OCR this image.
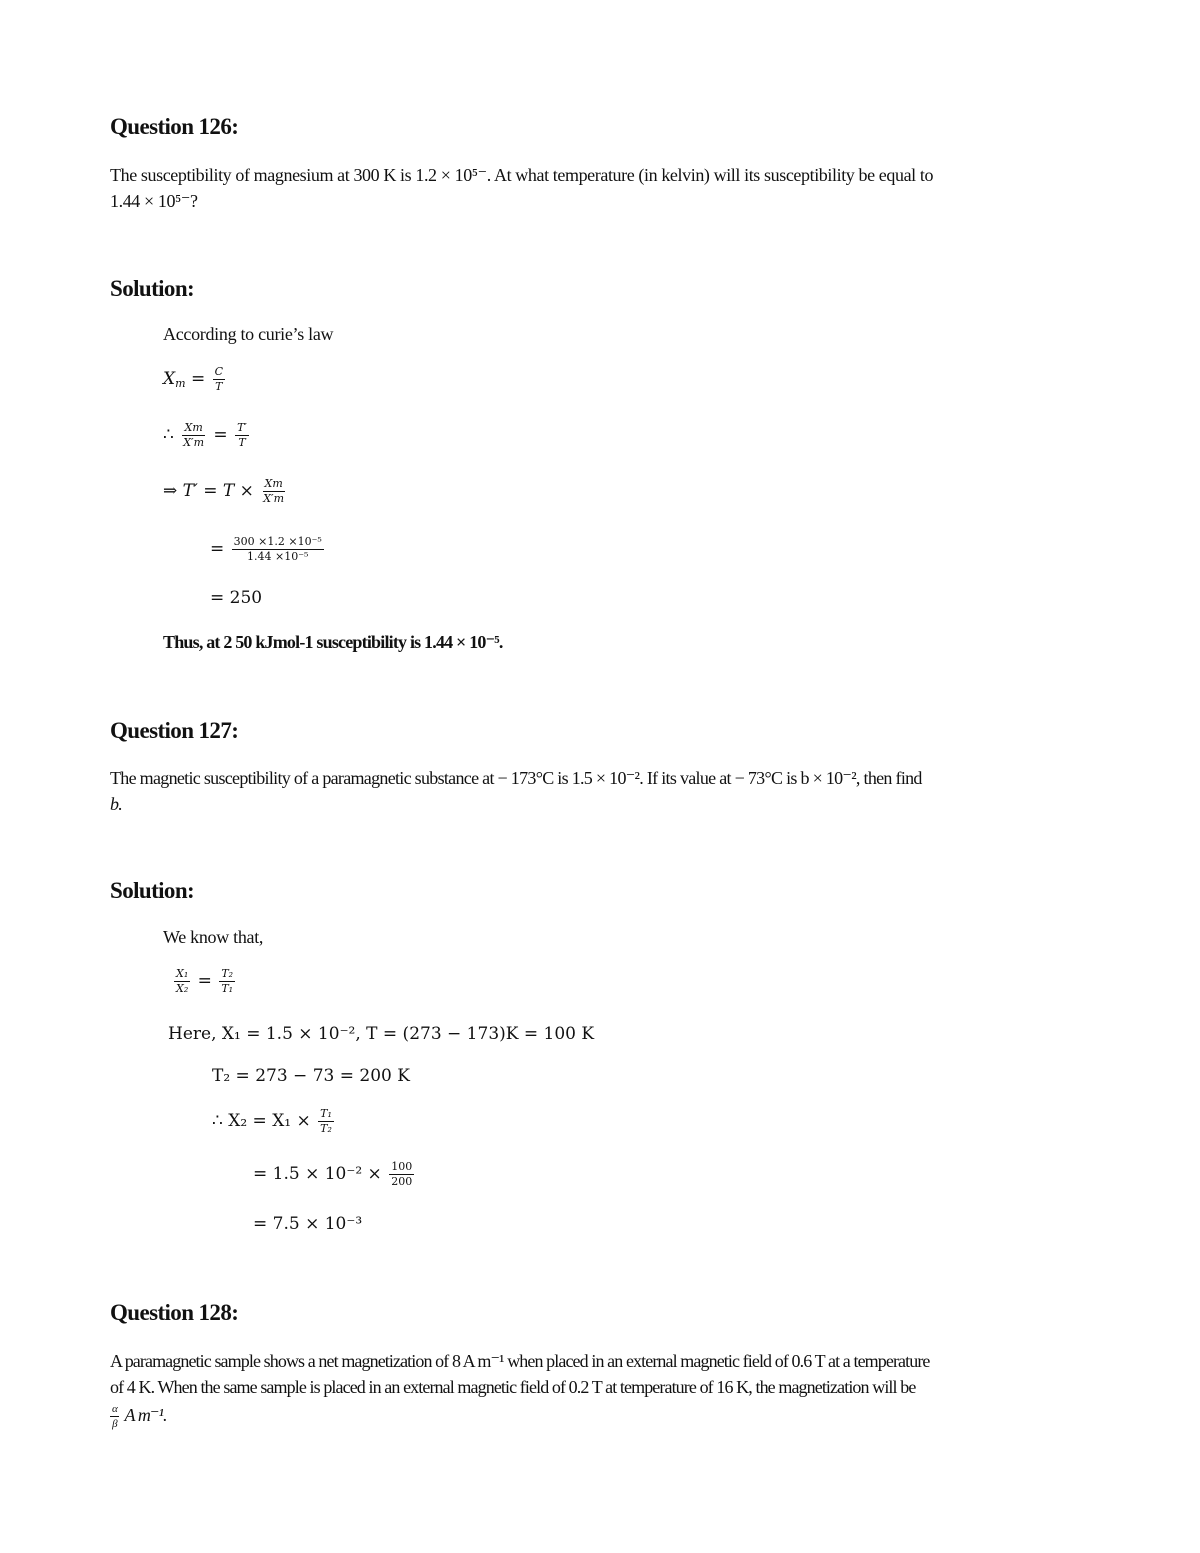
Question 126:
The susceptibility of magnesium at 300 K is 1.2 × 10⁵⁻. At what temperature (in kelvin) will its susceptibility be equal to
1.44 × 10⁵⁻?
Solution:
According to curie’s law
$X_m = \frac{C}{T}$
∴ $\frac{Xm}{X'm} = \frac{T'}{T}$
⇒ $T' = T \times \frac{Xm}{X'm}$
= $\frac{\text{300 ×1.2 ×10⁻⁵}}{\text{1.44 ×10⁻⁵}}$
= 250
Thus, at 2 50 kJmol-1 susceptibility is 1.44 × 10⁻⁵.
Question 127:
The magnetic susceptibility of a paramagnetic substance at − 173°C is 1.5 × 10⁻². If its value at − 73°C is b × 10⁻², then find
b.
Solution:
We know that,
$\frac{\text{X₁}}{\text{X₂}} = \frac{\text{T₂}}{\text{T₁}}$
Here, X₁ = 1.5 × 10⁻², T = (273 − 173)K = 100 K
T₂ = 273 − 73 = 200 K
∴ $X_2 = X_1 \times \frac{\text{T₁}}{\text{T₂}}$
= $1.5 \times 10^{-2} \times \frac{100}{200}$
= 7.5 × 10⁻³
Question 128:
A paramagnetic sample shows a net magnetization of 8 A m⁻¹ when placed in an external magnetic field of 0.6 T at a temperature
of 4 K. When the same sample is placed in an external magnetic field of 0.2 T at temperature of 16 K, the magnetization will be
$\frac{\alpha}{\beta}$ A m⁻¹.
